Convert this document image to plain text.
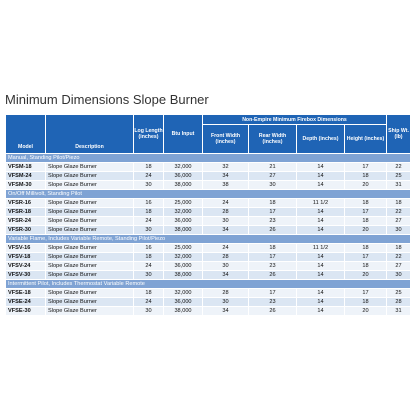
Minimum Dimensions Slope Burner
Model	Description	Log Length (inches)	Btu Input	Non-Empire Minimum Firebox Dimensions				Ship Wt. (lb)
				Front Width (inches)	Rear Width (inches)	Depth (inches)	Height (inches)	
Manual, Standing Pilot/Piezo								
VFSM-18	Slope Glaze Burner	18	32,000	32	21	14	17	22
VFSM-24	Slope Glaze Burner	24	36,000	34	27	14	18	25
VFSM-30	Slope Glaze Burner	30	38,000	38	30	14	20	31
On/Off Millivolt, Standing Pilot								
VFSR-16	Slope Glaze Burner	16	25,000	24	18	11 1/2	18	18
VFSR-18	Slope Glaze Burner	18	32,000	28	17	14	17	22
VFSR-24	Slope Glaze Burner	24	36,000	30	23	14	18	27
VFSR-30	Slope Glaze Burner	30	38,000	34	26	14	20	30
Variable Flame, Includes Variable Remote, Standing Pilot/Piezo								
VFSV-16	Slope Glaze Burner	16	25,000	24	18	11 1/2	18	18
VFSV-18	Slope Glaze Burner	18	32,000	28	17	14	17	22
VFSV-24	Slope Glaze Burner	24	36,000	30	23	14	18	27
VFSV-30	Slope Glaze Burner	30	38,000	34	26	14	20	30
Intermittent Pilot, Includes Thermostat Variable Remote								
VFSE-18	Slope Glaze Burner	18	32,000	28	17	14	17	25
VFSE-24	Slope Glaze Burner	24	36,000	30	23	14	18	28
VFSE-30	Slope Glaze Burner	30	38,000	34	26	14	20	31
